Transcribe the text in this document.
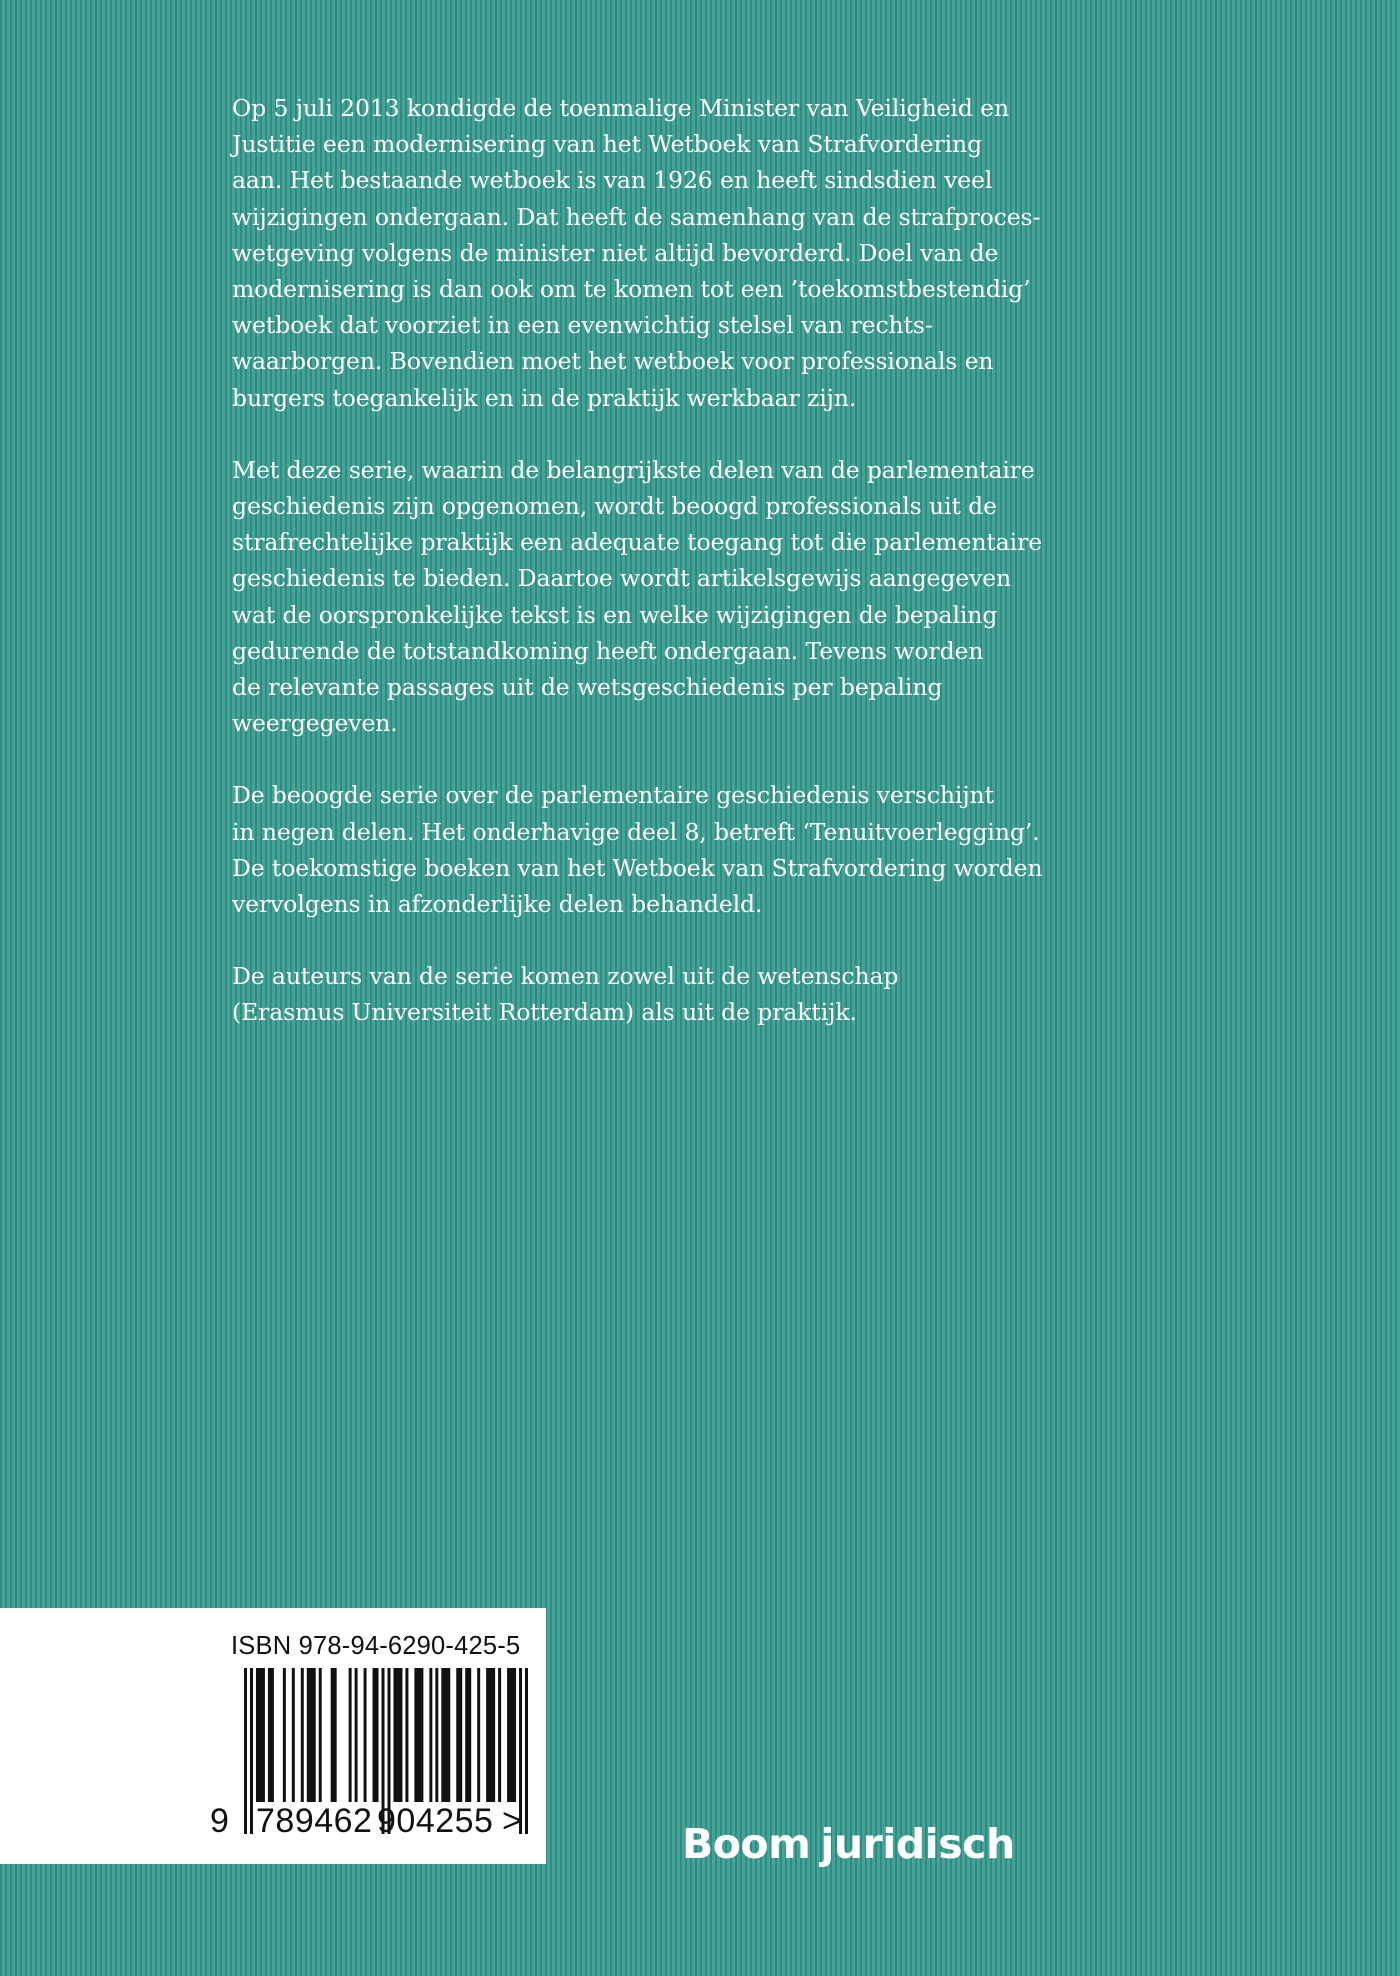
Op 5 juli 2013 kondigde de toenmalige Minister van Veiligheid en
Justitie een modernisering van het Wetboek van Strafvordering
aan. Het bestaande wetboek is van 1926 en heeft sindsdien veel
wijzigingen ondergaan. Dat heeft de samenhang van de strafproces-
wetgeving volgens de minister niet altijd bevorderd. Doel van de
modernisering is dan ook om te komen tot een ’toekomstbestendig’
wetboek dat voorziet in een evenwichtig stelsel van rechts-
waarborgen. Bovendien moet het wetboek voor professionals en
burgers toegankelijk en in de praktijk werkbaar zijn.

Met deze serie, waarin de belangrijkste delen van de parlementaire
geschiedenis zijn opgenomen, wordt beoogd professionals uit de
strafrechtelijke praktijk een adequate toegang tot die parlementaire
geschiedenis te bieden. Daartoe wordt artikelsgewijs aangegeven
wat de oorspronkelijke tekst is en welke wijzigingen de bepaling
gedurende de totstandkoming heeft ondergaan. Tevens worden
de relevante passages uit de wetsgeschiedenis per bepaling
weergegeven.

De beoogde serie over de parlementaire geschiedenis verschijnt
in negen delen. Het onderhavige deel 8, betreft ‘Tenuitvoerlegging’.
De toekomstige boeken van het Wetboek van Strafvordering worden
vervolgens in afzonderlijke delen behandeld.

De auteurs van de serie komen zowel uit de wetenschap
(Erasmus Universiteit Rotterdam) als uit de praktijk.

ISBN 978-94-6290-425-5
9 789462 904255 >	Boom juridisch
